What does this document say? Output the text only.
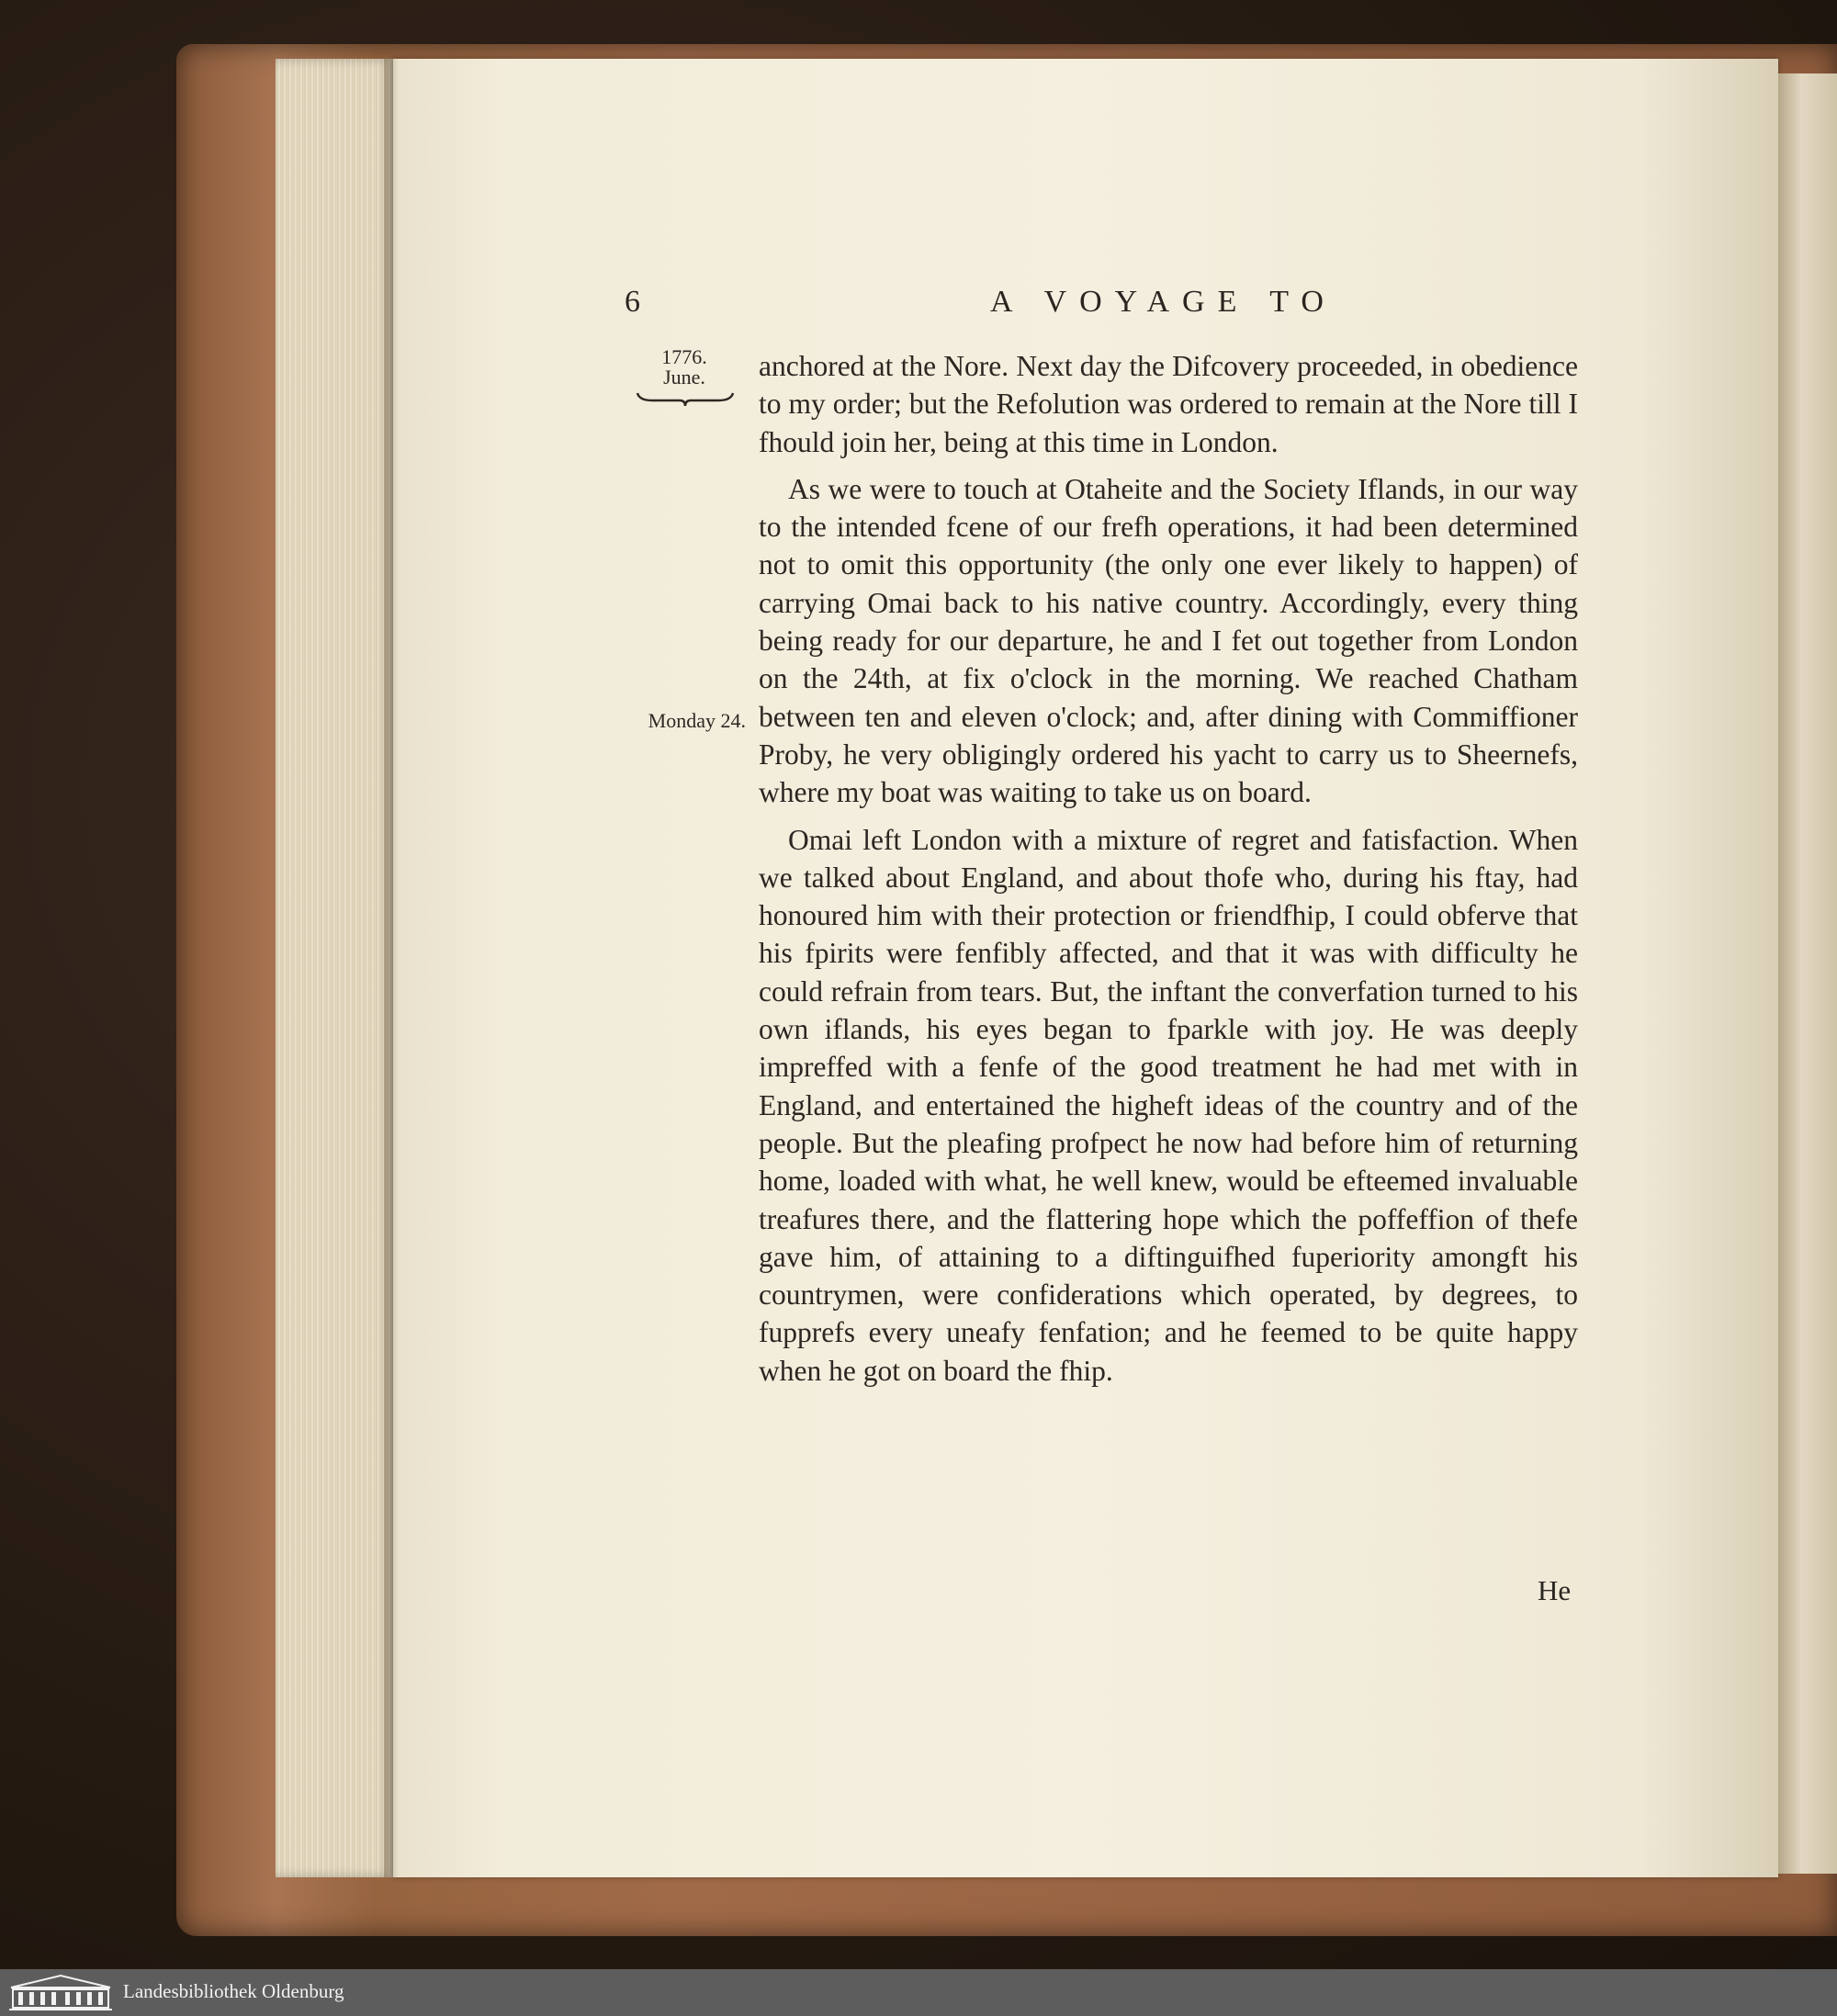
6	A VOYAGE TO
1776.
June.
Monday 24.

anchored at the Nore. Next day the Difcovery proceeded, in obedience to my order; but the Refolution was ordered to remain at the Nore till I fhould join her, being at this time in London.

As we were to touch at Otaheite and the Society Iflands, in our way to the intended fcene of our frefh operations, it had been determined not to omit this opportunity (the only one ever likely to happen) of carrying Omai back to his native country. Accordingly, every thing being ready for our departure, he and I fet out together from London on the 24th, at fix o'clock in the morning. We reached Chatham between ten and eleven o'clock; and, after dining with Commiffioner Proby, he very obligingly ordered his yacht to carry us to Sheernefs, where my boat was waiting to take us on board.

Omai left London with a mixture of regret and fatisfaction. When we talked about England, and about thofe who, during his ftay, had honoured him with their protection or friendfhip, I could obferve that his fpirits were fenfibly affected, and that it was with difficulty he could refrain from tears. But, the inftant the converfation turned to his own iflands, his eyes began to fparkle with joy. He was deeply impreffed with a fenfe of the good treatment he had met with in England, and entertained the higheft ideas of the country and of the people. But the pleafing profpect he now had before him of returning home, loaded with what, he well knew, would be efteemed invaluable treafures there, and the flattering hope which the poffeffion of thefe gave him, of attaining to a diftinguifhed fuperiority amongft his countrymen, were confiderations which operated, by degrees, to fupprefs every uneafy fenfation; and he feemed to be quite happy when he got on board the fhip.

He
Landesbibliothek Oldenburg
